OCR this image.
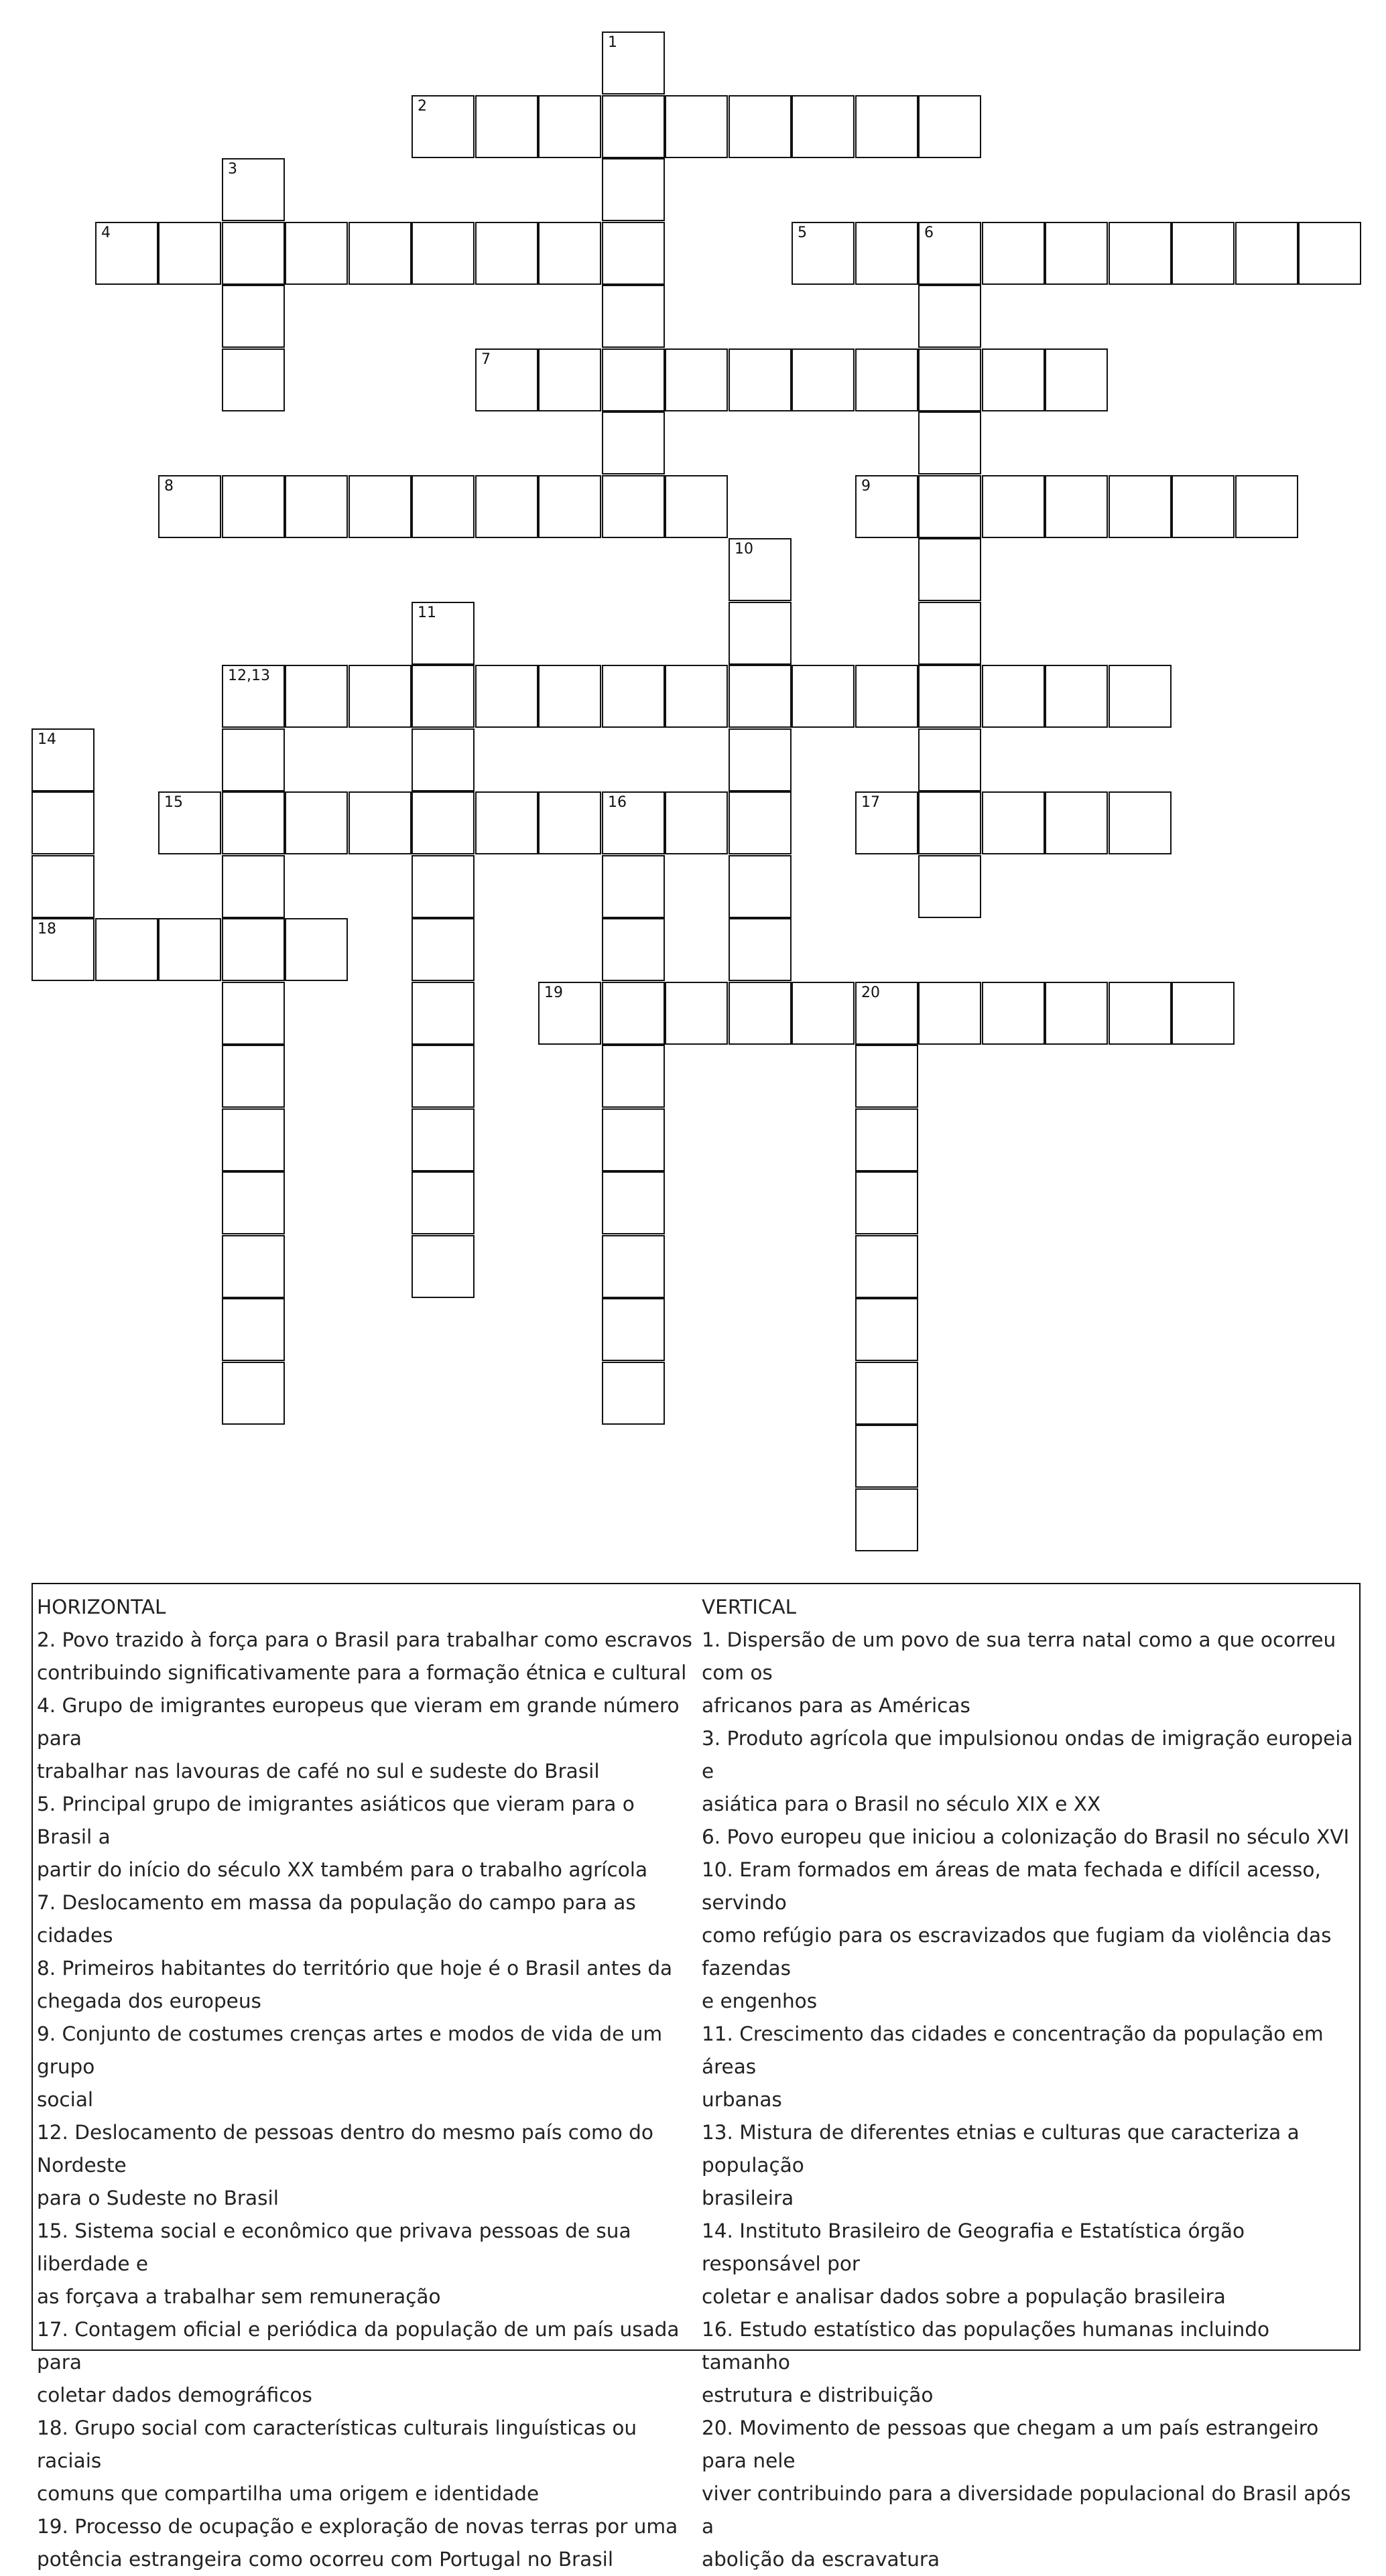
2
4	5	6
7
8	9
12,13
15	16	17
18
19	20
1
3
10
11
14
HORIZONTAL
2. Povo trazido à força para o Brasil para trabalhar como escravos
contribuindo significativamente para a formação étnica e cultural
4. Grupo de imigrantes europeus que vieram em grande número para
trabalhar nas lavouras de café no sul e sudeste do Brasil
5. Principal grupo de imigrantes asiáticos que vieram para o Brasil a
partir do início do século XX também para o trabalho agrícola
7. Deslocamento em massa da população do campo para as cidades
8. Primeiros habitantes do território que hoje é o Brasil antes da
chegada dos europeus
9. Conjunto de costumes crenças artes e modos de vida de um grupo
social
12. Deslocamento de pessoas dentro do mesmo país como do Nordeste
para o Sudeste no Brasil
15. Sistema social e econômico que privava pessoas de sua liberdade e
as forçava a trabalhar sem remuneração
17. Contagem oficial e periódica da população de um país usada para
coletar dados demográficos
18. Grupo social com características culturais linguísticas ou raciais
comuns que compartilha uma origem e identidade
19. Processo de ocupação e exploração de novas terras por uma
potência estrangeira como ocorreu com Portugal no Brasil
VERTICAL
1. Dispersão de um povo de sua terra natal como a que ocorreu com os
africanos para as Américas
3. Produto agrícola que impulsionou ondas de imigração europeia e
asiática para o Brasil no século XIX e XX
6. Povo europeu que iniciou a colonização do Brasil no século XVI
10. Eram formados em áreas de mata fechada e difícil acesso, servindo
como refúgio para os escravizados que fugiam da violência das fazendas
e engenhos
11. Crescimento das cidades e concentração da população em áreas
urbanas
13. Mistura de diferentes etnias e culturas que caracteriza a população
brasileira
14. Instituto Brasileiro de Geografia e Estatística órgão responsável por
coletar e analisar dados sobre a população brasileira
16. Estudo estatístico das populações humanas incluindo tamanho
estrutura e distribuição
20. Movimento de pessoas que chegam a um país estrangeiro para nele
viver contribuindo para a diversidade populacional do Brasil após a
abolição da escravatura
